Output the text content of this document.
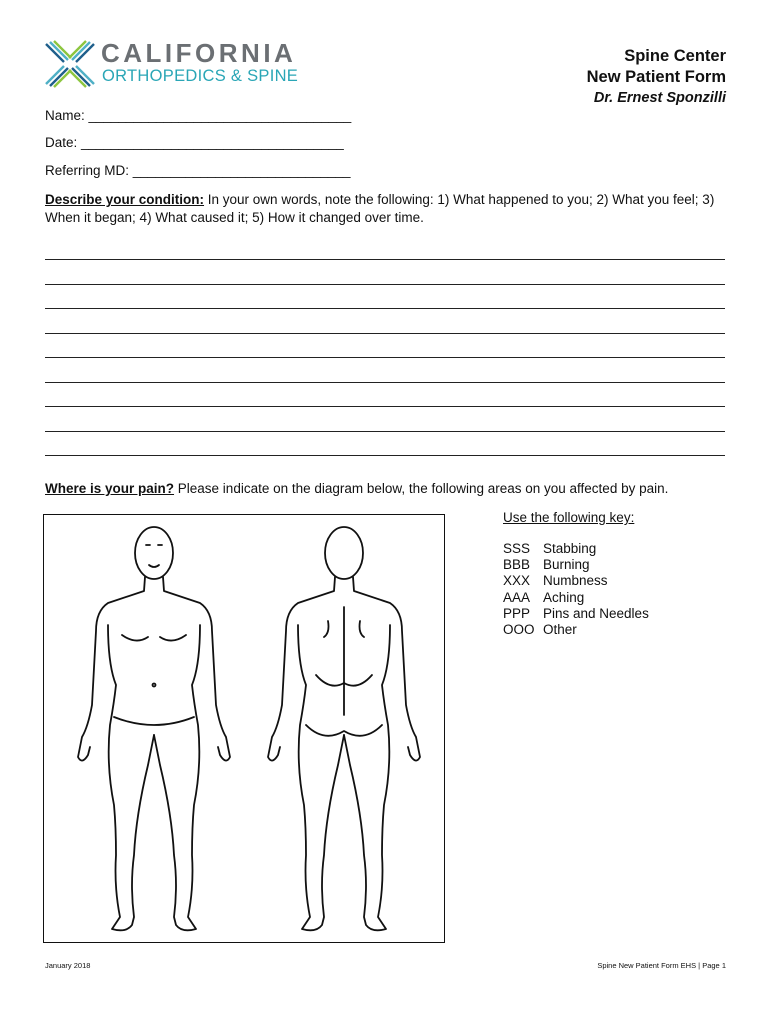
CALIFORNIA
ORTHOPEDICS & SPINE
Spine Center
New Patient Form
Dr. Ernest Sponzilli
Name: ___________________________________
Date: ___________________________________
Referring MD: _____________________________
Describe your condition: In your own words, note the following: 1) What happened to you; 2) What you feel; 3) When it began; 4) What caused it; 5) How it changed over time.
Where is your pain? Please indicate on the diagram below, the following areas on you affected by pain.
Use the following key:
SSS Stabbing
BBB Burning
XXX Numbness
AAA Aching
PPP Pins and Needles
OOO Other
January 2018	Spine New Patient Form EHS | Page 1
